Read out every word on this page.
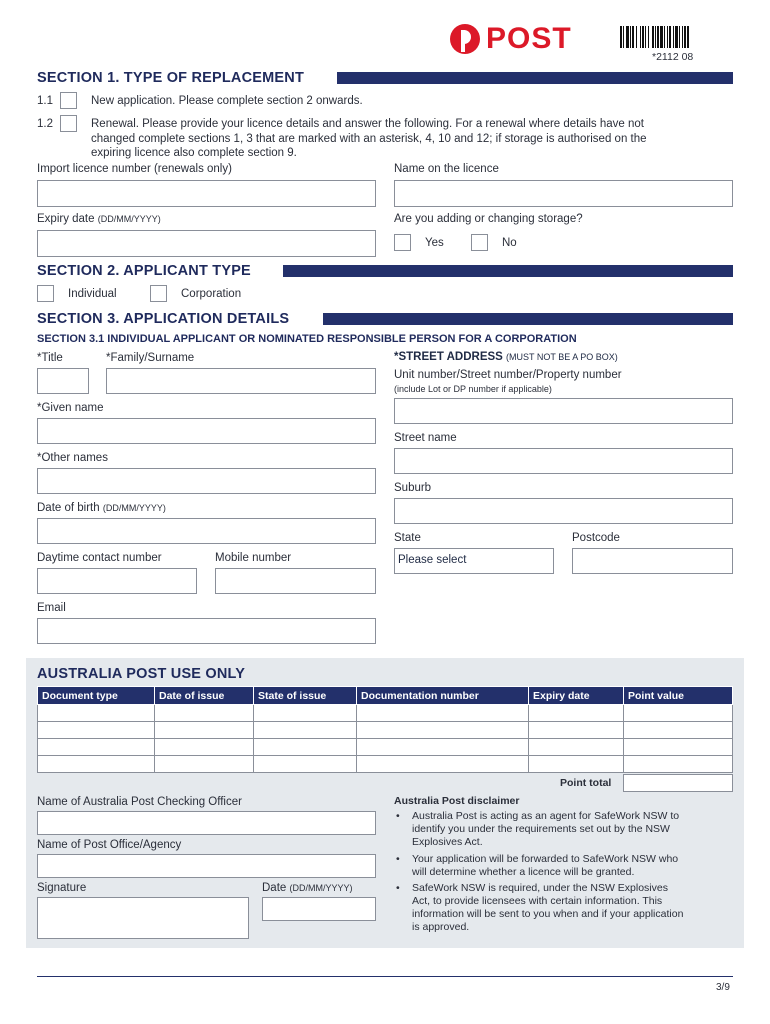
POST
*2112 08
SECTION 1. TYPE OF REPLACEMENT
1.1	New application. Please complete section 2 onwards.
1.2	Renewal. Please provide your licence details and answer the following. For a renewal where details have not
changed complete sections 1, 3 that are marked with an asterisk, 4, 10 and 12; if storage is authorised on the
expiring licence also complete section 9.
Import licence number (renewals only)	Name on the licence
Expiry date (DD/MM/YYYY)	Are you adding or changing storage?
Yes	No
SECTION 2. APPLICANT TYPE
Individual	Corporation
SECTION 3. APPLICATION DETAILS
SECTION 3.1 INDIVIDUAL APPLICANT OR NOMINATED RESPONSIBLE PERSON FOR A CORPORATION
*Title	*Family/Surname
*Given name
*Other names
Date of birth (DD/MM/YYYY)
Daytime contact number	Mobile number
Email
*STREET ADDRESS (MUST NOT BE A PO BOX)
Unit number/Street number/Property number
(include Lot or DP number if applicable)
Street name
Suburb
State	Postcode
Please select
AUSTRALIA POST USE ONLY
Document type	Date of issue	State of issue	Documentation number	Expiry date	Point value

Point total
Name of Australia Post Checking Officer
Name of Post Office/Agency
Signature	Date (DD/MM/YYYY)
Australia Post disclaimer
• Australia Post is acting as an agent for SafeWork NSW to
identify you under the requirements set out by the NSW
Explosives Act.
• Your application will be forwarded to SafeWork NSW who
will determine whether a licence will be granted.
• SafeWork NSW is required, under the NSW Explosives
Act, to provide licensees with certain information. This
information will be sent to you when and if your application
is approved.
3/9
